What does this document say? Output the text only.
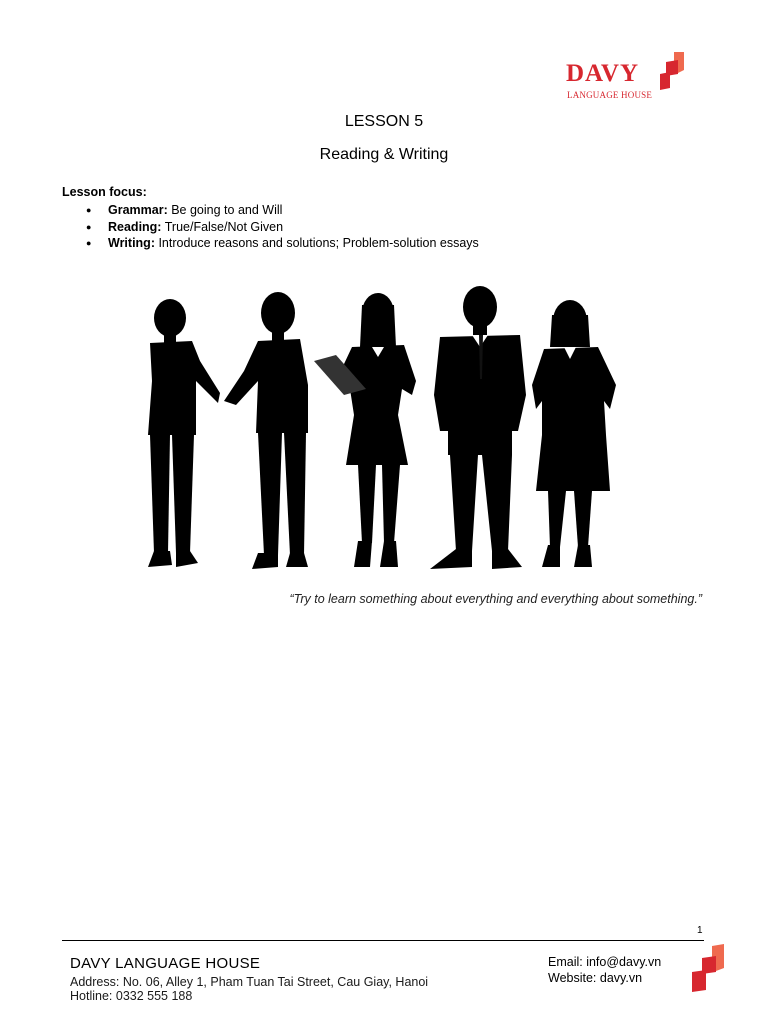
DAVY
LANGUAGE HOUSE
LESSON 5
Reading & Writing
Lesson focus:
● Grammar: Be going to and Will
● Reading: True/False/Not Given
● Writing: Introduce reasons and solutions; Problem-solution essays
“Try to learn something about everything and everything about something.”
1
DAVY LANGUAGE HOUSE
Address: No. 06, Alley 1, Pham Tuan Tai Street, Cau Giay, Hanoi
Hotline: 0332 555 188
Email: info@davy.vn
Website: davy.vn
